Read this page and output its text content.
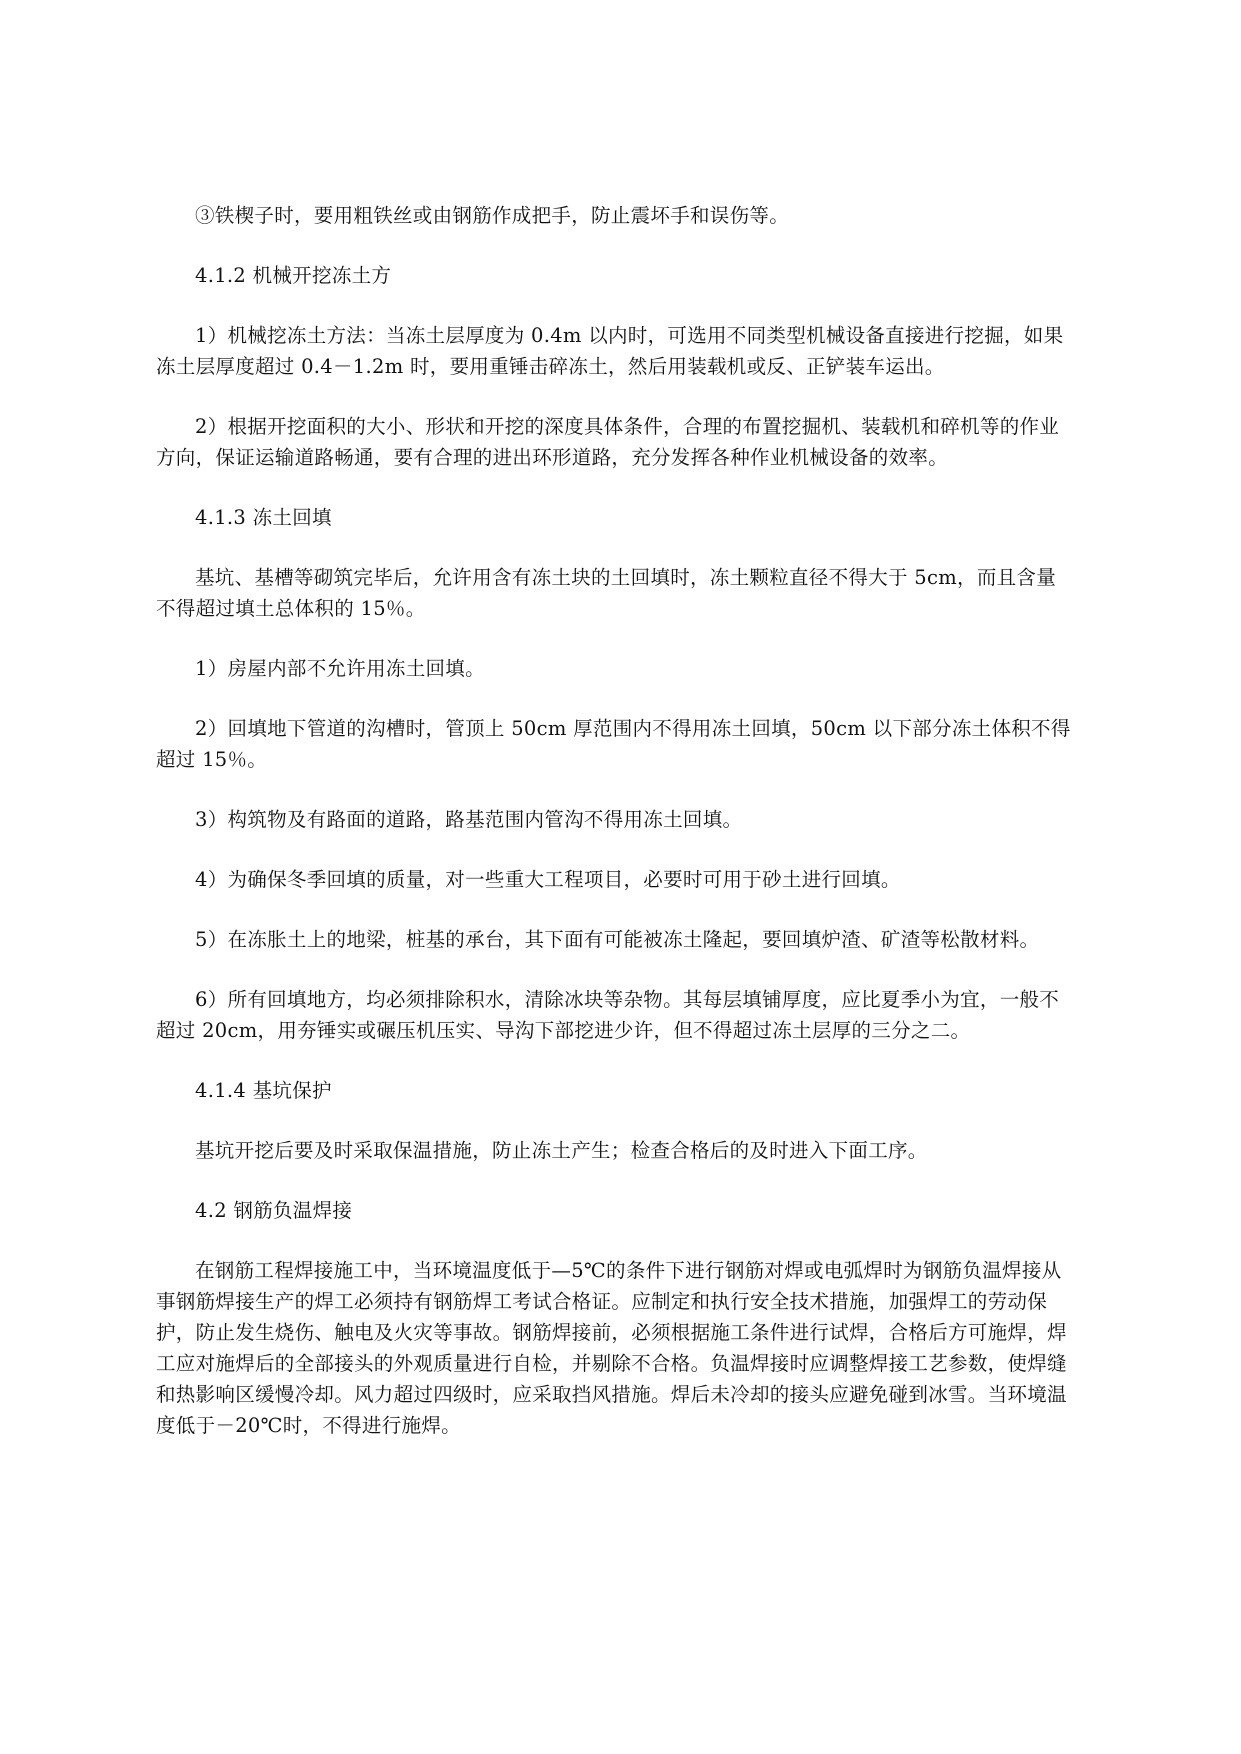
③铁楔子时，要用粗铁丝或由钢筋作成把手，防止震坏手和误伤等。

4.1.2 机械开挖冻土方

1）机械挖冻土方法：当冻土层厚度为 0.4m 以内时，可选用不同类型机械设备直接进行挖掘，如果冻土层厚度超过 0.4－1.2m 时，要用重锤击碎冻土，然后用装载机或反、正铲装车运出。

2）根据开挖面积的大小、形状和开挖的深度具体条件，合理的布置挖掘机、装载机和碎机等的作业方向，保证运输道路畅通，要有合理的进出环形道路，充分发挥各种作业机械设备的效率。

4.1.3 冻土回填

基坑、基槽等砌筑完毕后，允许用含有冻土块的土回填时，冻土颗粒直径不得大于 5cm，而且含量不得超过填土总体积的 15％。

1）房屋内部不允许用冻土回填。

2）回填地下管道的沟槽时，管顶上 50cm 厚范围内不得用冻土回填，50cm 以下部分冻土体积不得超过 15％。

3）构筑物及有路面的道路，路基范围内管沟不得用冻土回填。

4）为确保冬季回填的质量，对一些重大工程项目，必要时可用于砂土进行回填。

5）在冻胀土上的地梁，桩基的承台，其下面有可能被冻土隆起，要回填炉渣、矿渣等松散材料。

6）所有回填地方，均必须排除积水，清除冰块等杂物。其每层填铺厚度，应比夏季小为宜，一般不超过 20cm，用夯锤实或碾压机压实、导沟下部挖进少许，但不得超过冻土层厚的三分之二。

4.1.4 基坑保护

基坑开挖后要及时采取保温措施，防止冻土产生；检查合格后的及时进入下面工序。

4.2 钢筋负温焊接

在钢筋工程焊接施工中，当环境温度低于—5℃的条件下进行钢筋对焊或电弧焊时为钢筋负温焊接从事钢筋焊接生产的焊工必须持有钢筋焊工考试合格证。应制定和执行安全技术措施，加强焊工的劳动保护，防止发生烧伤、触电及火灾等事故。钢筋焊接前，必须根据施工条件进行试焊，合格后方可施焊，焊工应对施焊后的全部接头的外观质量进行自检，并剔除不合格。负温焊接时应调整焊接工艺参数，使焊缝和热影响区缓慢冷却。风力超过四级时，应采取挡风措施。焊后未冷却的接头应避免碰到冰雪。当环境温度低于－20℃时，不得进行施焊。
